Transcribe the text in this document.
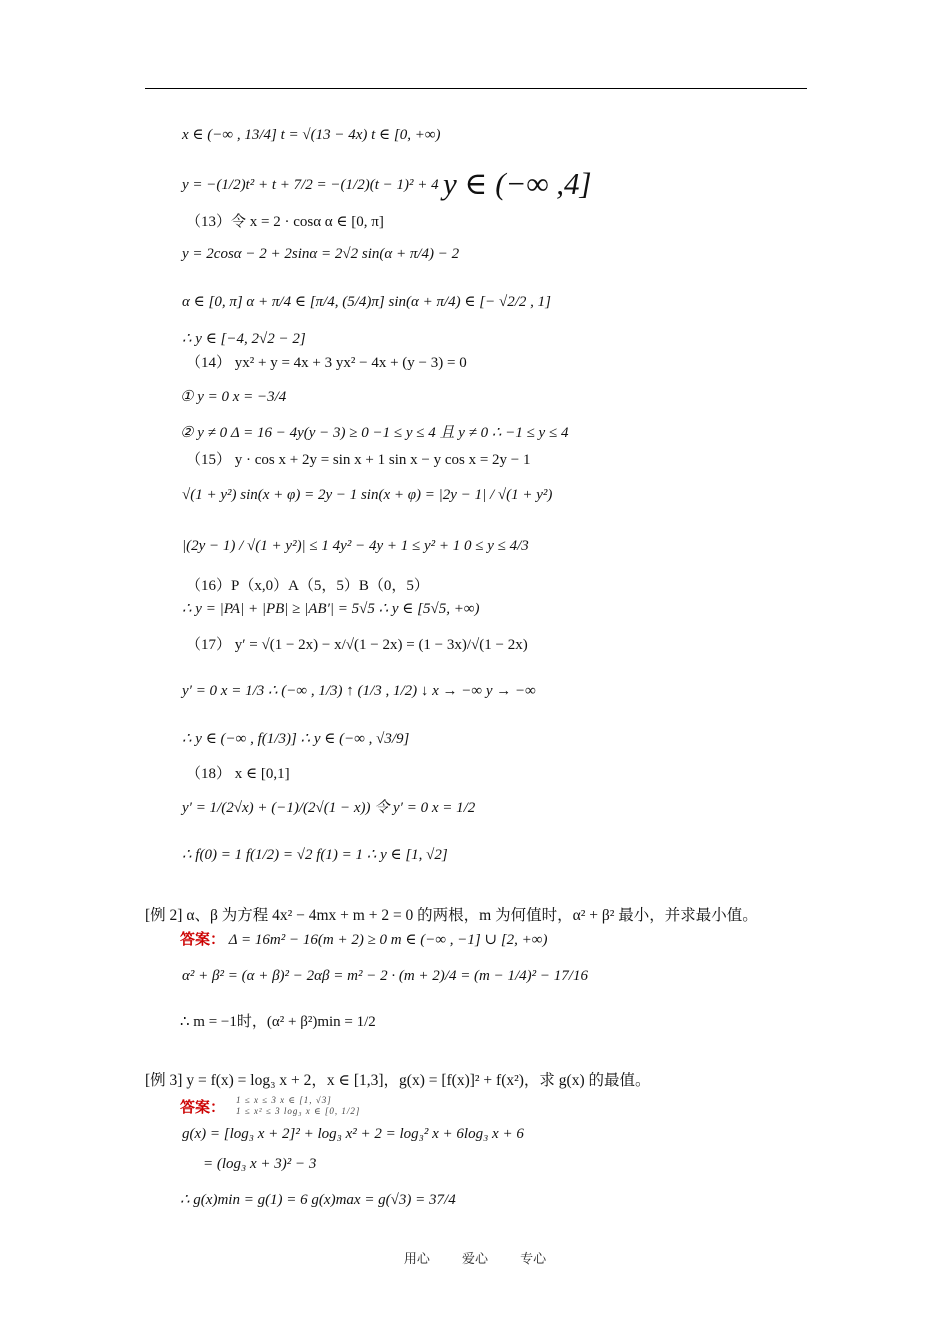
x ∈ (−∞ , 13/4] t = √(13 − 4x) t ∈ [0, +∞)
y = −(1/2)t² + t + 7/2 = −(1/2)(t − 1)² + 4 y ∈ (−∞ ,4]
（13）令 x = 2 · cosα α ∈ [0, π]
y = 2cosα − 2 + 2sinα = 2√2 sin(α + π/4) − 2
α ∈ [0, π] α + π/4 ∈ [π/4, (5/4)π] sin(α + π/4) ∈ [− √2/2 , 1]
∴ y ∈ [−4, 2√2 − 2]
（14） yx² + y = 4x + 3 yx² − 4x + (y − 3) = 0
① y = 0 x = −3/4
② y ≠ 0 Δ = 16 − 4y(y − 3) ≥ 0 −1 ≤ y ≤ 4 且 y ≠ 0 ∴ −1 ≤ y ≤ 4
（15） y · cos x + 2y = sin x + 1 sin x − y cos x = 2y − 1
√(1 + y²) sin(x + φ) = 2y − 1 sin(x + φ) = |2y − 1| / √(1 + y²)
|(2y − 1) / √(1 + y²)| ≤ 1 4y² − 4y + 1 ≤ y² + 1 0 ≤ y ≤ 4/3
（16）P（x,0）A（5，5）B（0，5）
∴ y = |PA| + |PB| ≥ |AB′| = 5√5 ∴ y ∈ [5√5, +∞)
（17） y′ = √(1 − 2x) − x/√(1 − 2x) = (1 − 3x)/√(1 − 2x)
y′ = 0 x = 1/3 ∴ (−∞ , 1/3) ↑ (1/3 , 1/2) ↓ x → −∞ y → −∞
∴ y ∈ (−∞ , f(1/3)] ∴ y ∈ (−∞ , √3/9]
（18） x ∈ [0,1]
y′ = 1/(2√x) + (−1)/(2√(1 − x)) 令 y′ = 0 x = 1/2
∴ f(0) = 1 f(1/2) = √2 f(1) = 1 ∴ y ∈ [1, √2]
[例 2] α、β 为方程 4x² − 4mx + m + 2 = 0 的两根，m 为何值时，α² + β² 最小，并求最小值。
答案： Δ = 16m² − 16(m + 2) ≥ 0 m ∈ (−∞ , −1] ∪ [2, +∞)
α² + β² = (α + β)² − 2αβ = m² − 2 · (m + 2)/4 = (m − 1/4)² − 17/16
∴ m = −1时，(α² + β²)min = 1/2
[例 3] y = f(x) = log₃ x + 2，x ∈ [1,3]，g(x) = [f(x)]² + f(x²)，求 g(x) 的最值。
答案： 1 ≤ x ≤ 3 x ∈ [1, √3]
1 ≤ x² ≤ 3 log₃ x ∈ [0, 1/2]
g(x) = [log₃ x + 2]² + log₃ x² + 2 = log₃² x + 6log₃ x + 6
= (log₃ x + 3)² − 3
∴ g(x)min = g(1) = 6 g(x)max = g(√3) = 37/4
用心 爱心 专心
